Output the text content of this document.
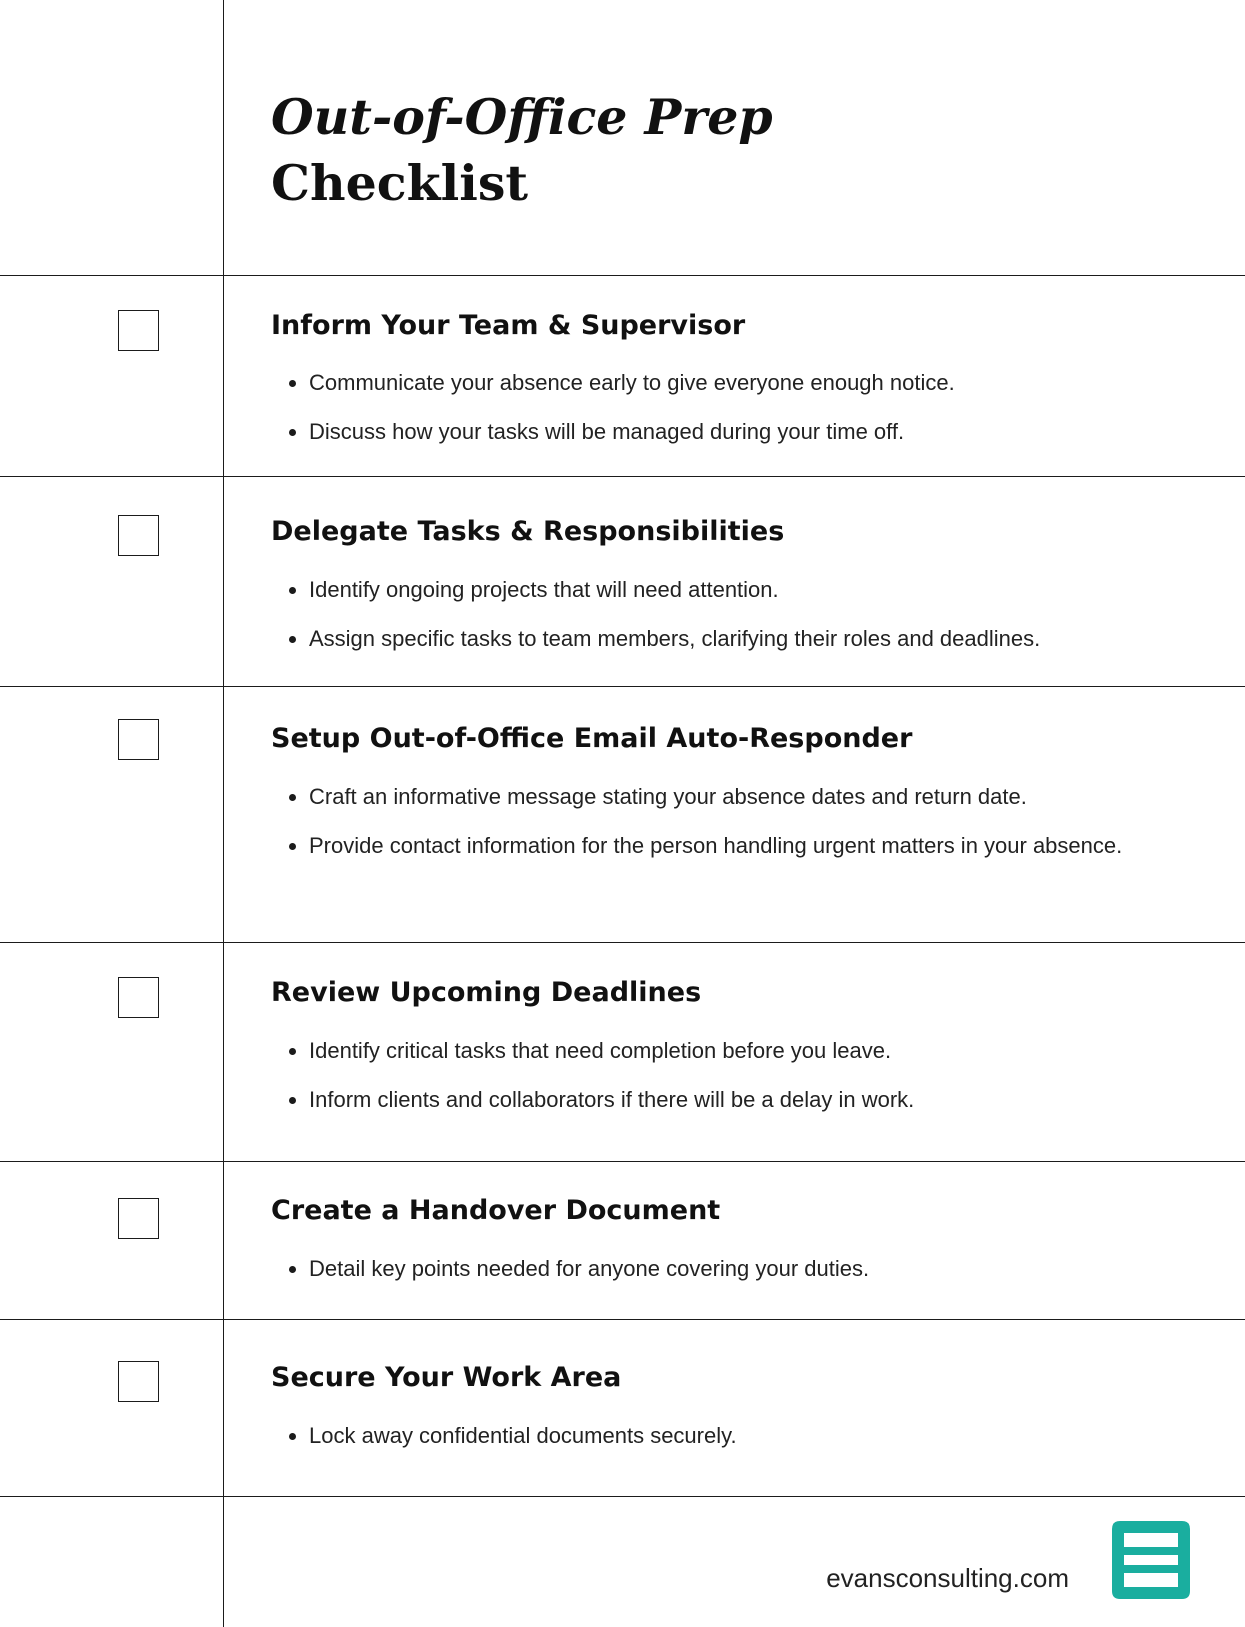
Out-of-Office Prep
Checklist
Inform Your Team & Supervisor
Communicate your absence early to give everyone enough notice.
Discuss how your tasks will be managed during your time off.
Delegate Tasks & Responsibilities
Identify ongoing projects that will need attention.
Assign specific tasks to team members, clarifying their roles and deadlines.
Setup Out-of-Office Email Auto-Responder
Craft an informative message stating your absence dates and return date.
Provide contact information for the person handling urgent matters in your absence.
Review Upcoming Deadlines
Identify critical tasks that need completion before you leave.
Inform clients and collaborators if there will be a delay in work.
Create a Handover Document
Detail key points needed for anyone covering your duties.
Secure Your Work Area
Lock away confidential documents securely.
evansconsulting.com
